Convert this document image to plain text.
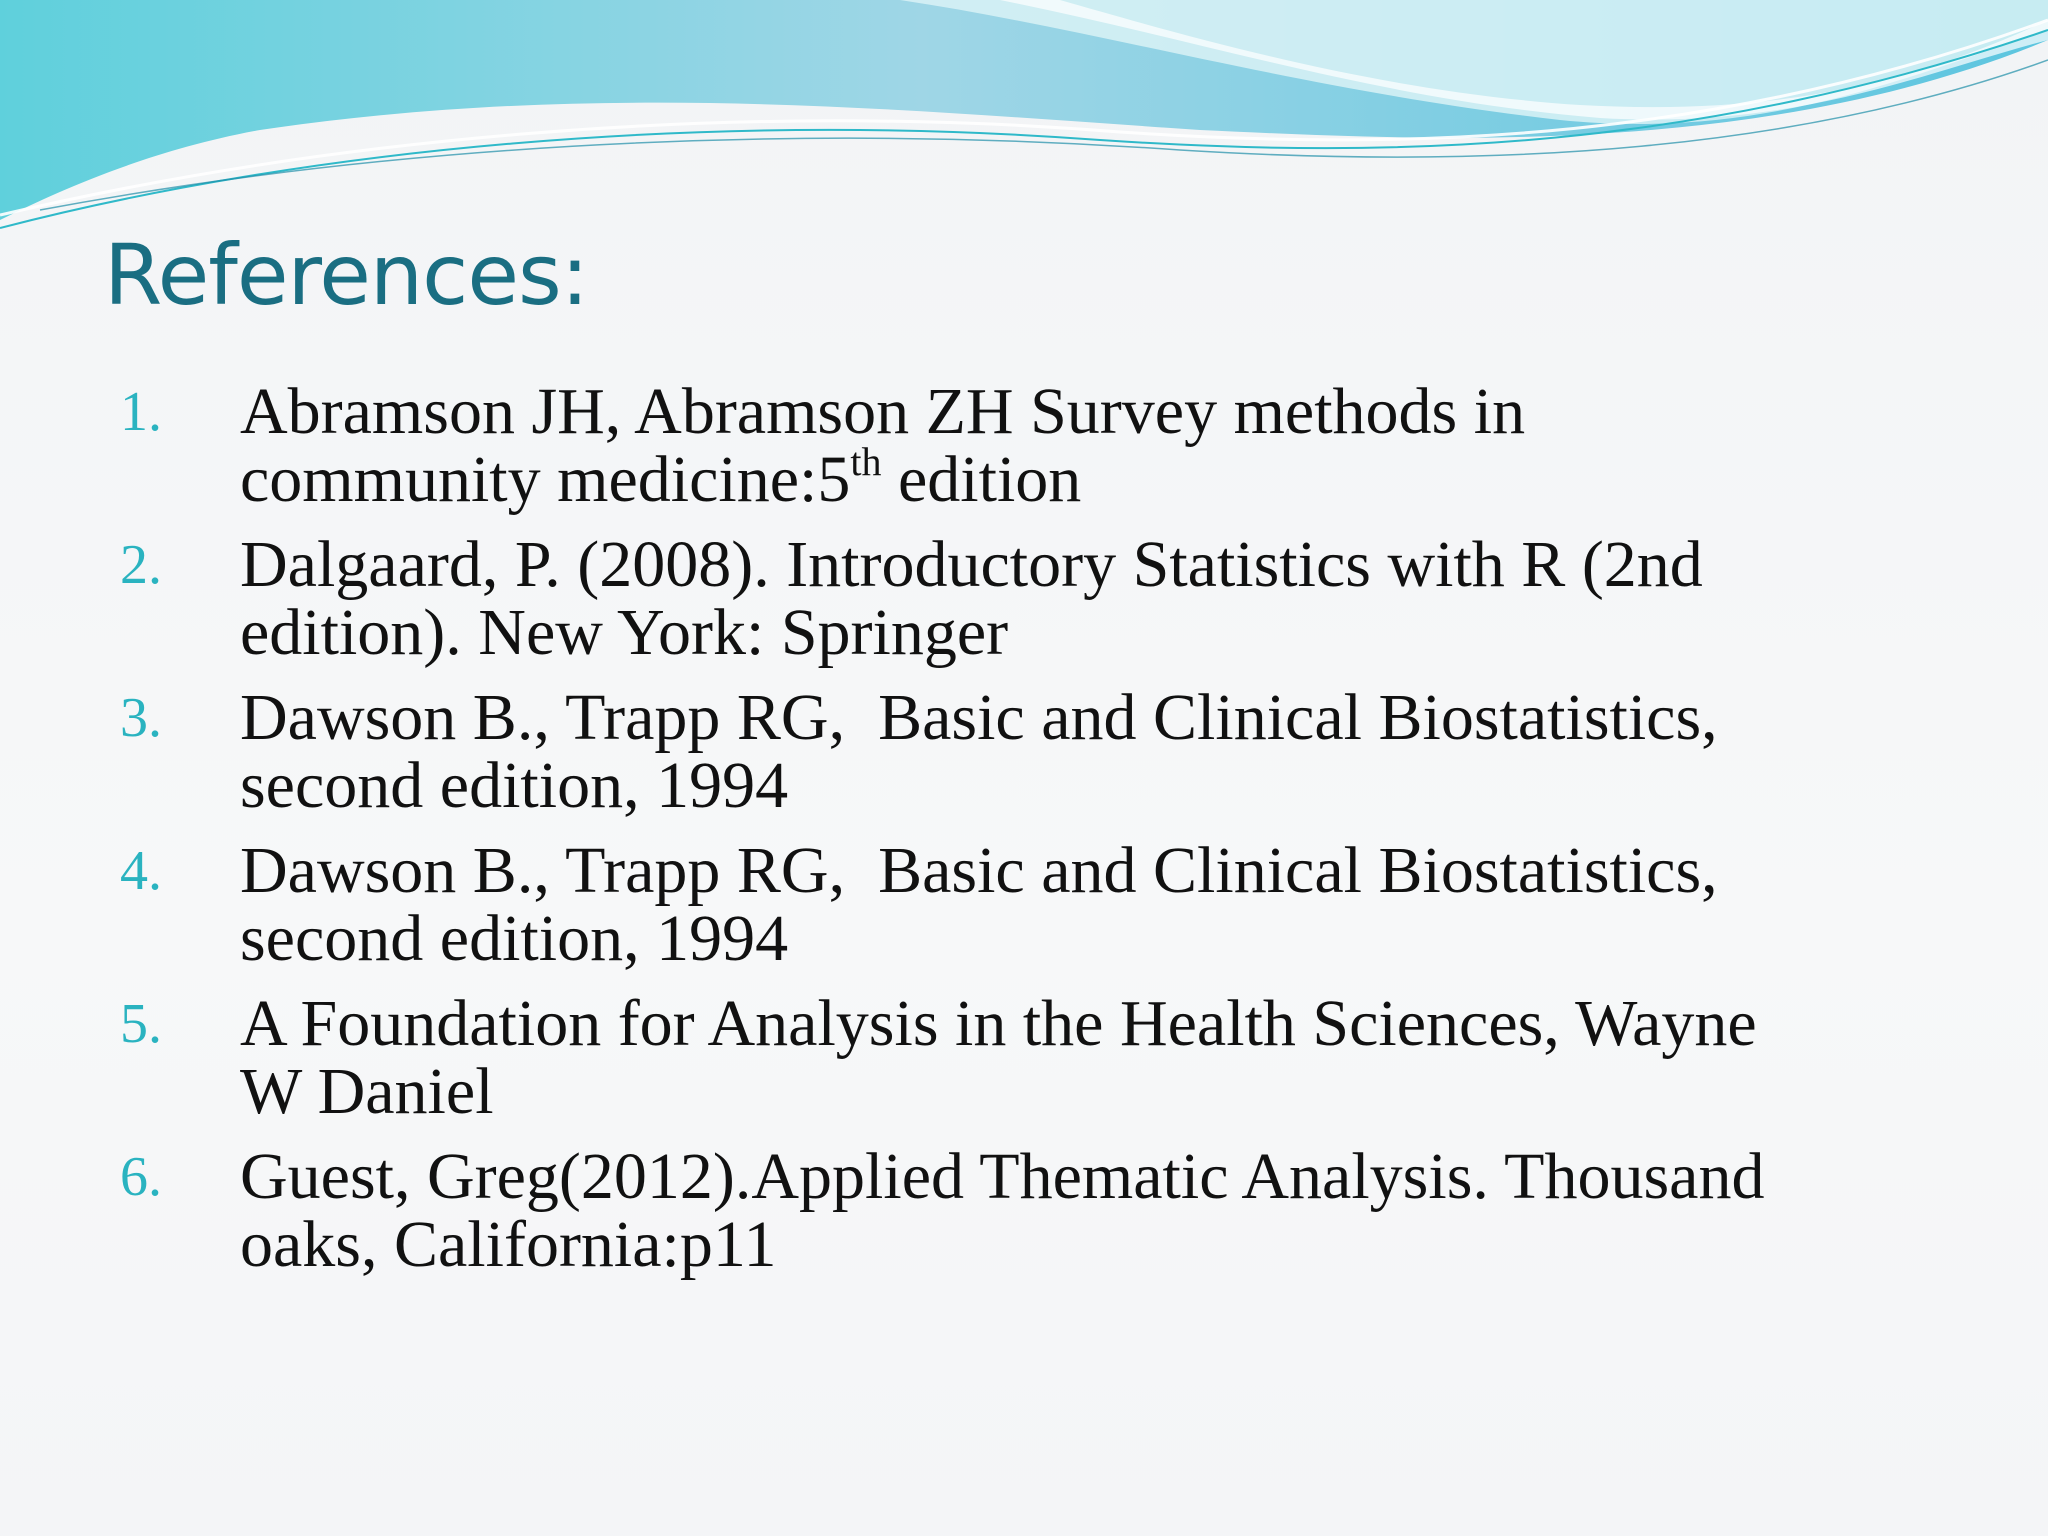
References:
1.	Abramson JH, Abramson ZH Survey methods in
community medicine:5th edition
2.	Dalgaard, P. (2008). Introductory Statistics with R (2nd
edition). New York: Springer
3.	Dawson B., Trapp RG,  Basic and Clinical Biostatistics,
second edition, 1994
4.	Dawson B., Trapp RG,  Basic and Clinical Biostatistics,
second edition, 1994
5.	A Foundation for Analysis in the Health Sciences, Wayne
W Daniel
6.	Guest, Greg(2012).Applied Thematic Analysis. Thousand
oaks, California:p11
